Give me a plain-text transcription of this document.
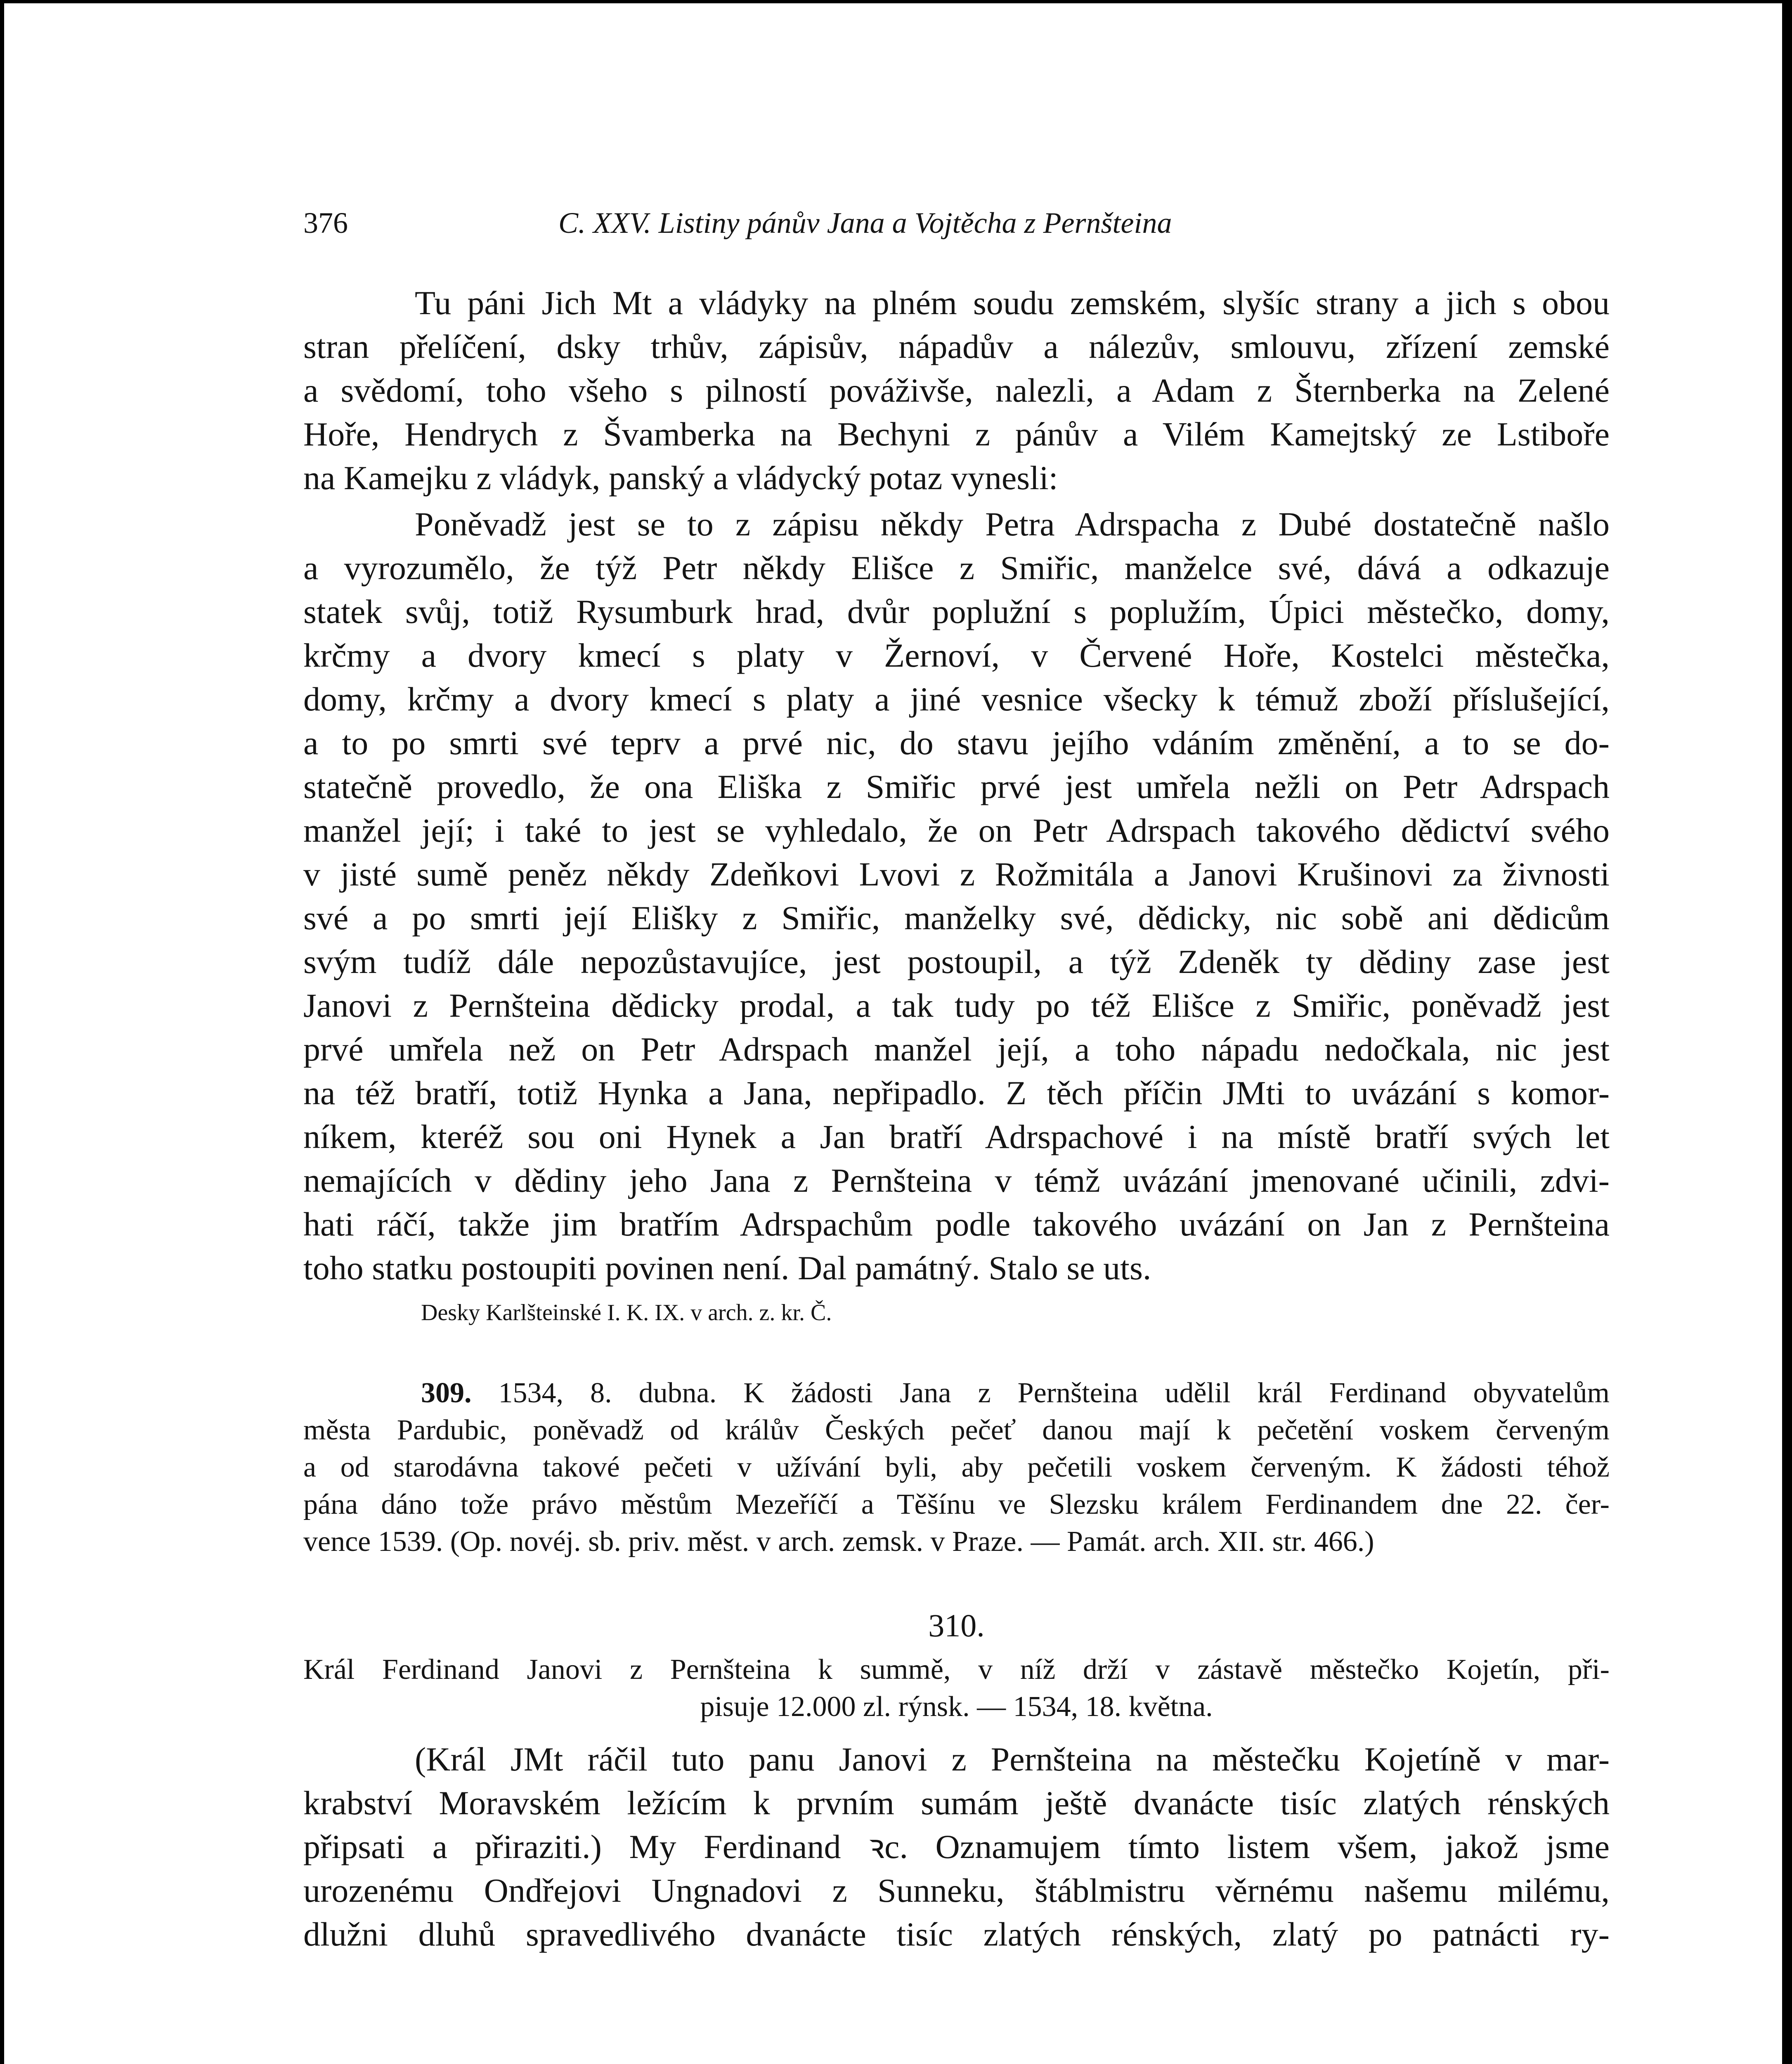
376	C. XXV. Listiny pánův Jana a Vojtěcha z Pernšteina

Tu páni Jich Mt a vládyky na plném soudu zemském, slyšíc strany a jich s obou

stran přelíčení, dsky trhův, zápisův, nápadův a nálezův, smlouvu, zřízení zemské

a svědomí, toho všeho s pilností pováživše, nalezli, a Adam z Šternberka na Zelené

Hoře, Hendrych z Švamberka na Bechyni z pánův a Vilém Kamejtský ze Lstiboře

na Kamejku z vládyk, panský a vládycký potaz vynesli:

Poněvadž jest se to z zápisu někdy Petra Adrspacha z Dubé dostatečně našlo

a vyrozumělo, že týž Petr někdy Elišce z Smiřic, manželce své, dává a odkazuje

statek svůj, totiž Rysumburk hrad, dvůr poplužní s poplužím, Úpici městečko, domy,

krčmy a dvory kmecí s platy v Žernoví, v Červené Hoře, Kostelci městečka,

domy, krčmy a dvory kmecí s platy a jiné vesnice všecky k témuž zboží příslušející,

a to po smrti své teprv a prvé nic, do stavu jejího vdáním změnění, a to se do-

statečně provedlo, že ona Eliška z Smiřic prvé jest umřela nežli on Petr Adrspach

manžel její; i také to jest se vyhledalo, že on Petr Adrspach takového dědictví svého

v jisté sumě peněz někdy Zdeňkovi Lvovi z Rožmitála a Janovi Krušinovi za živnosti

své a po smrti její Elišky z Smiřic, manželky své, dědicky, nic sobě ani dědicům

svým tudíž dále nepozůstavujíce, jest postoupil, a týž Zdeněk ty dědiny zase jest

Janovi z Pernšteina dědicky prodal, a tak tudy po též Elišce z Smiřic, poněvadž jest

prvé umřela než on Petr Adrspach manžel její, a toho nápadu nedočkala, nic jest

na též bratří, totiž Hynka a Jana, nepřipadlo. Z těch příčin JMti to uvázání s komor-

níkem, kteréž sou oni Hynek a Jan bratří Adrspachové i na místě bratří svých let

nemajících v dědiny jeho Jana z Pernšteina v témž uvázání jmenované učinili, zdvi-

hati ráčí, takže jim bratřím Adrspachům podle takového uvázání on Jan z Pernšteina

toho statku postoupiti povinen není. Dal památný. Stalo se uts.

Desky Karlšteinské I. K. IX. v arch. z. kr. Č.

309. 1534, 8. dubna. K žádosti Jana z Pernšteina udělil král Ferdinand obyvatelům

města Pardubic, poněvadž od králův Českých pečeť danou mají k pečetění voskem červeným

a od starodávna takové pečeti v užívání byli, aby pečetili voskem červeným. K žádosti téhož

pána dáno tože právo městům Mezeříčí a Těšínu ve Slezsku králem Ferdinandem dne 22. čer-

vence 1539. (Op. novéj. sb. priv. měst. v arch. zemsk. v Praze. — Památ. arch. XII. str. 466.)

310.

Král Ferdinand Janovi z Pernšteina k summě, v níž drží v zástavě městečko Kojetín, při-

pisuje 12.000 zl. rýnsk. — 1534, 18. května.

(Král JMt ráčil tuto panu Janovi z Pernšteina na městečku Kojetíně v mar-

krabství Moravském ležícím k prvním sumám ještě dvanácte tisíc zlatých rénských

připsati a přiraziti.) My Ferdinand ꝛc. Oznamujem tímto listem všem, jakož jsme

urozenému Ondřejovi Ungnadovi z Sunneku, štáblmistru věrnému našemu milému,

dlužni dluhů spravedlivého dvanácte tisíc zlatých rénských, zlatý po patnácti ry-
